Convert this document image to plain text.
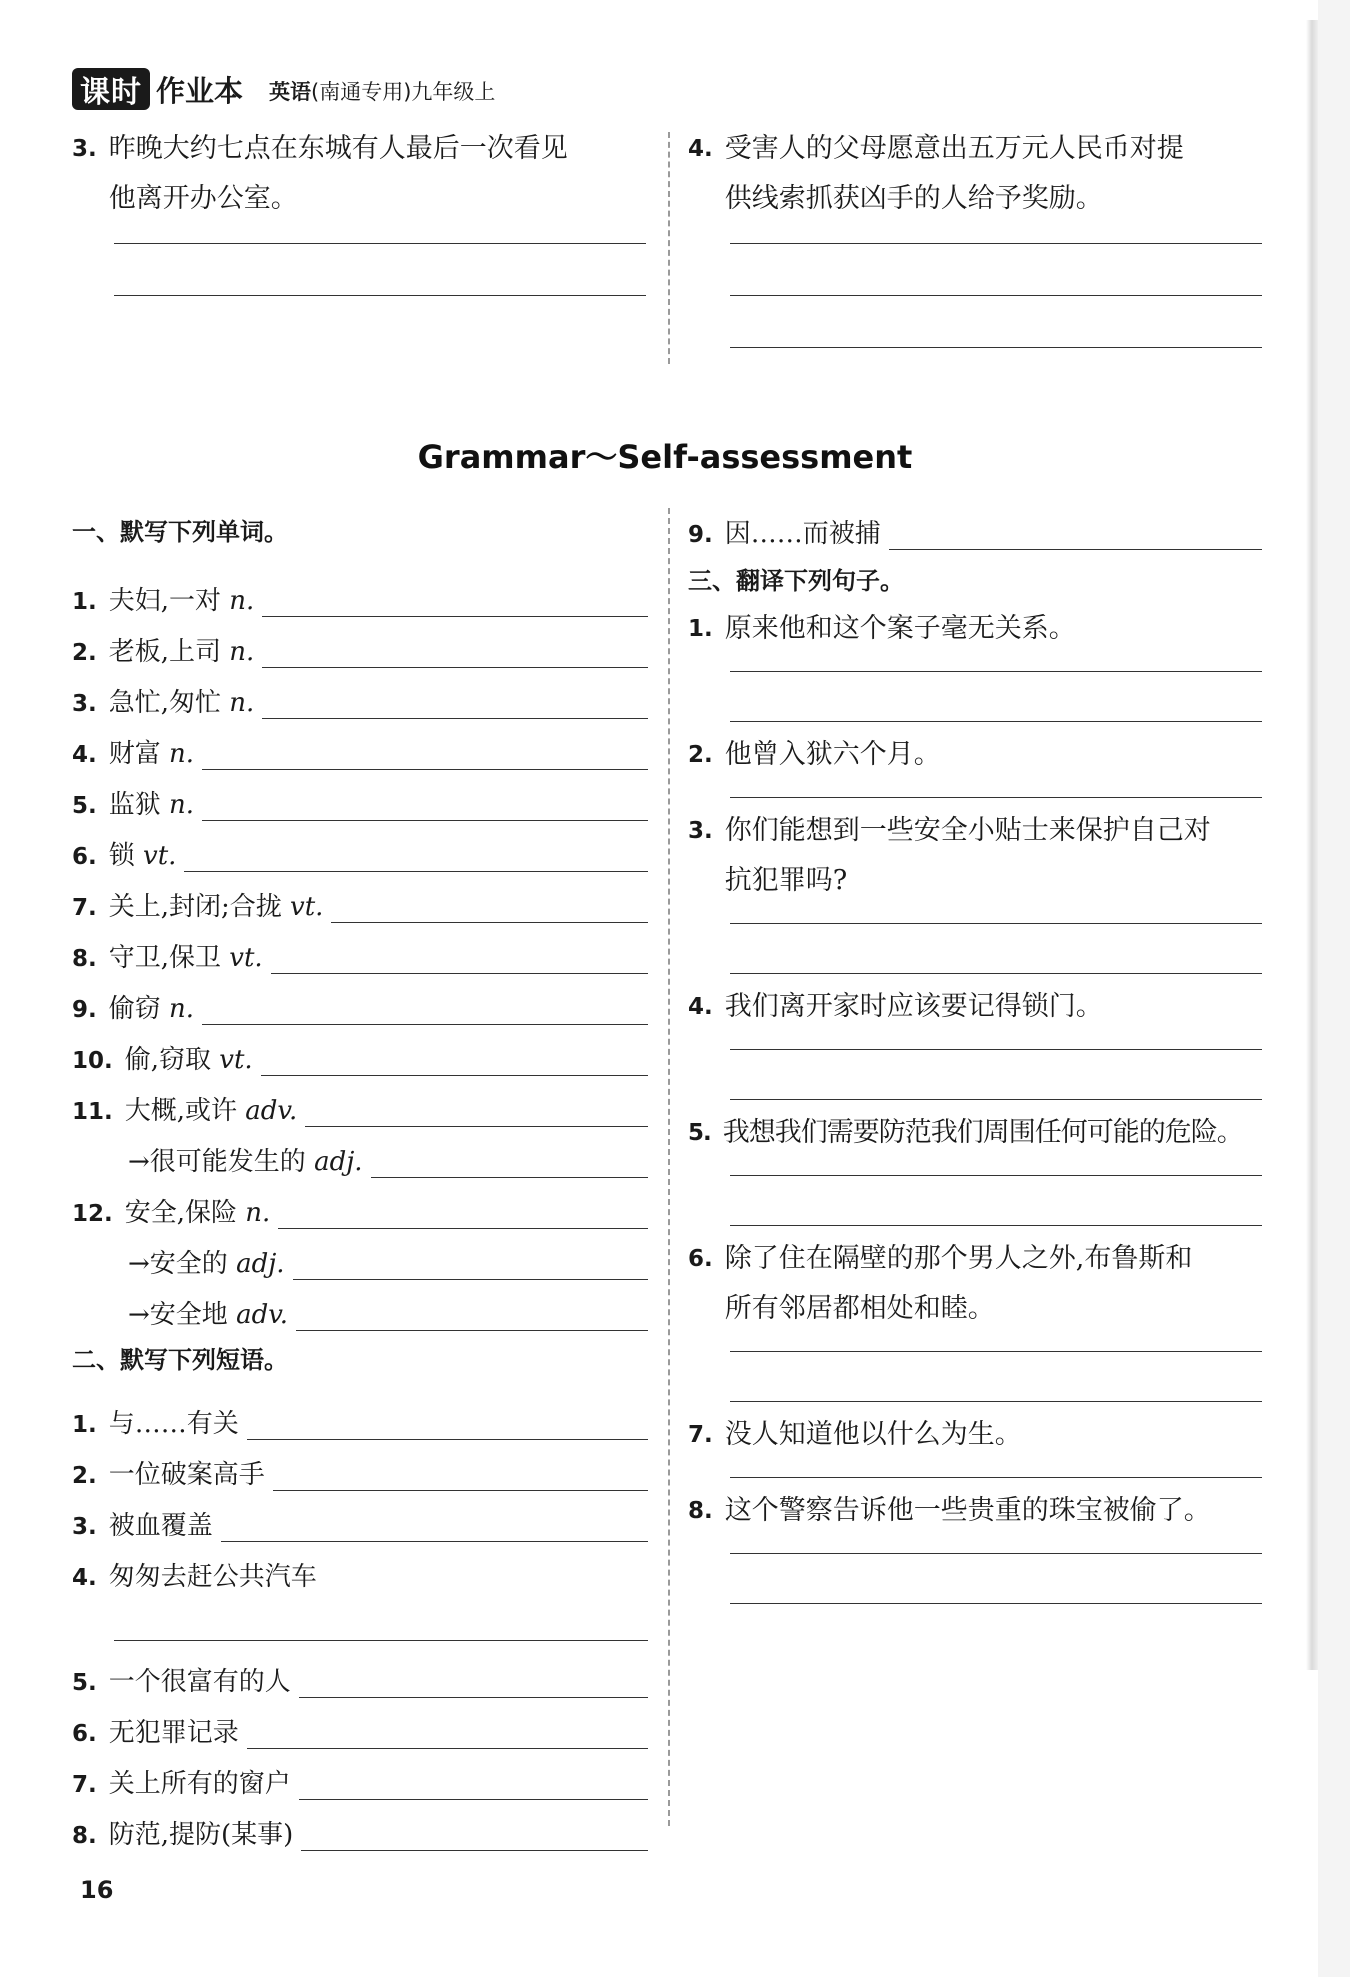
课时 作业本 英语(南通专用)九年级上
3. 昨晚大约七点在东城有人最后一次看见
他离开办公室。
4. 受害人的父母愿意出五万元人民币对提
供线索抓获凶手的人给予奖励。
Grammar～Self-assessment
一、默写下列单词。
1. 夫妇,一对 n.
2. 老板,上司 n.
3. 急忙,匆忙 n.
4. 财富 n.
5. 监狱 n.
6. 锁 vt.
7. 关上,封闭;合拢 vt.
8. 守卫,保卫 vt.
9. 偷窃 n.
10. 偷,窃取 vt.
11. 大概,或许 adv.
→很可能发生的 adj.
12. 安全,保险 n.
→安全的 adj.
→安全地 adv.
二、默写下列短语。
1. 与……有关
2. 一位破案高手
3. 被血覆盖
4. 匆匆去赶公共汽车
5. 一个很富有的人
6. 无犯罪记录
7. 关上所有的窗户
8. 防范,提防(某事)
9. 因……而被捕
三、翻译下列句子。
1. 原来他和这个案子毫无关系。
2. 他曾入狱六个月。
3. 你们能想到一些安全小贴士来保护自己对
抗犯罪吗?
4. 我们离开家时应该要记得锁门。
5. 我想我们需要防范我们周围任何可能的危险。
6. 除了住在隔壁的那个男人之外,布鲁斯和
所有邻居都相处和睦。
7. 没人知道他以什么为生。
8. 这个警察告诉他一些贵重的珠宝被偷了。
16
